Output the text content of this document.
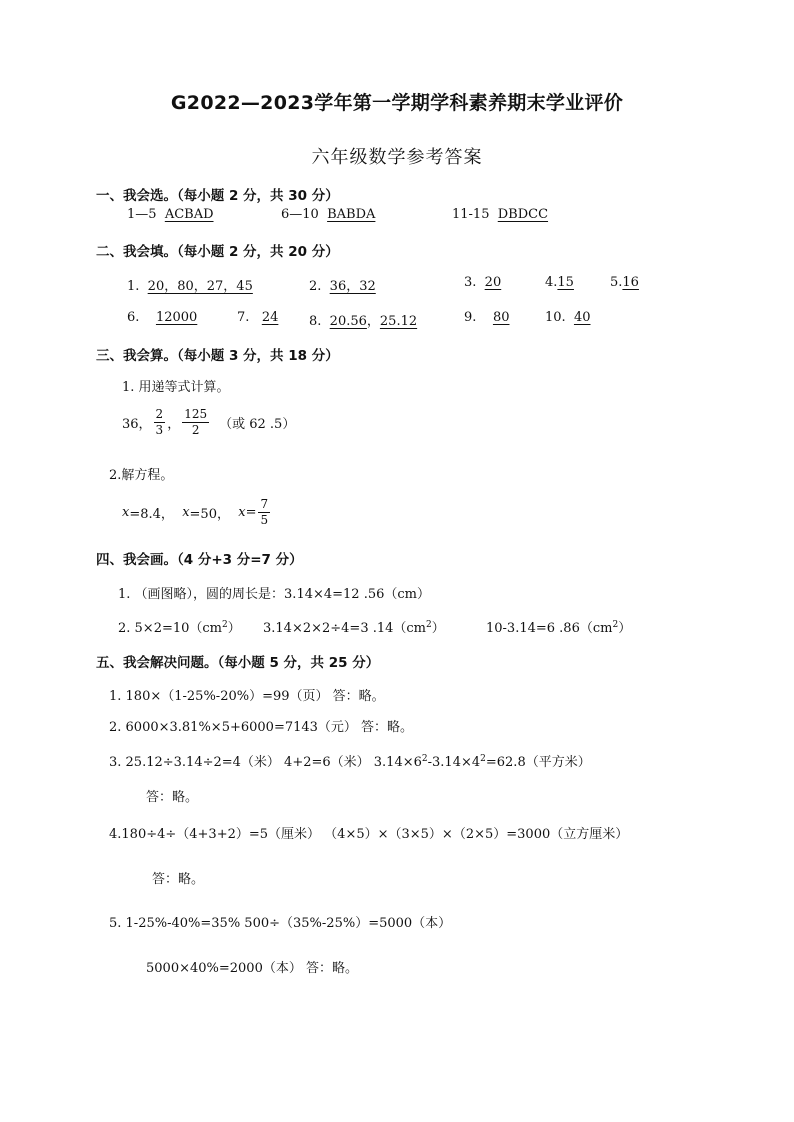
G2022—2023学年第一学期学科素养期末学业评价
六年级数学参考答案
一、我会选。（每小题 2 分，共 30 分）
1—5 ACBAD	6—10 BABDA	11-15 DBDCC
二、我会填。（每小题 2 分，共 20 分）
1. 20，80，27，45	2. 36，32	3. 20	4.15	5.16
6. 12000	7. 24 8. 20.56，25.12	9. 80	10. 40
三、我会算。（每小题 3 分，共 18 分）
1. 用递等式计算。
36， $\frac{2}{3}$ ， $\frac{125}{2}$ （或 62 .5）
2.解方程。
x =8.4，
x =50，
$x = \frac{7}{5}$
四、我会画。（4 分+3 分=7 分）
1. （画图略），圆的周长是：3.14×4=12 .56（cm）
2. $5\times 2=10(cm^2)$ 3.14×2×2÷4=3 $.14(cm^2)$	10-3.14=6 $.86(cm^2)$
五、我会解决问题。（每小题 5 分，共 25 分）
1. 180×（1-25%-20%）=99（页） 答：略。
2. 6000×3.81%×5+6000=7143（元） 答：略。
3. 25.12÷3.14÷2=4（米） 4+2=6（米） $3.14\times 6^2-3.14\times 4^2=62.8$（平方米）
答：略。
4.180÷4÷（4+3+2）=5（厘米） （4×5）×（3×5）×（2×5）=3000（立方厘米）
答：略。
5. 1-25%-40%=35% 500÷（35%-25%）=5000（本）
5000×40%=2000（本） 答：略。
